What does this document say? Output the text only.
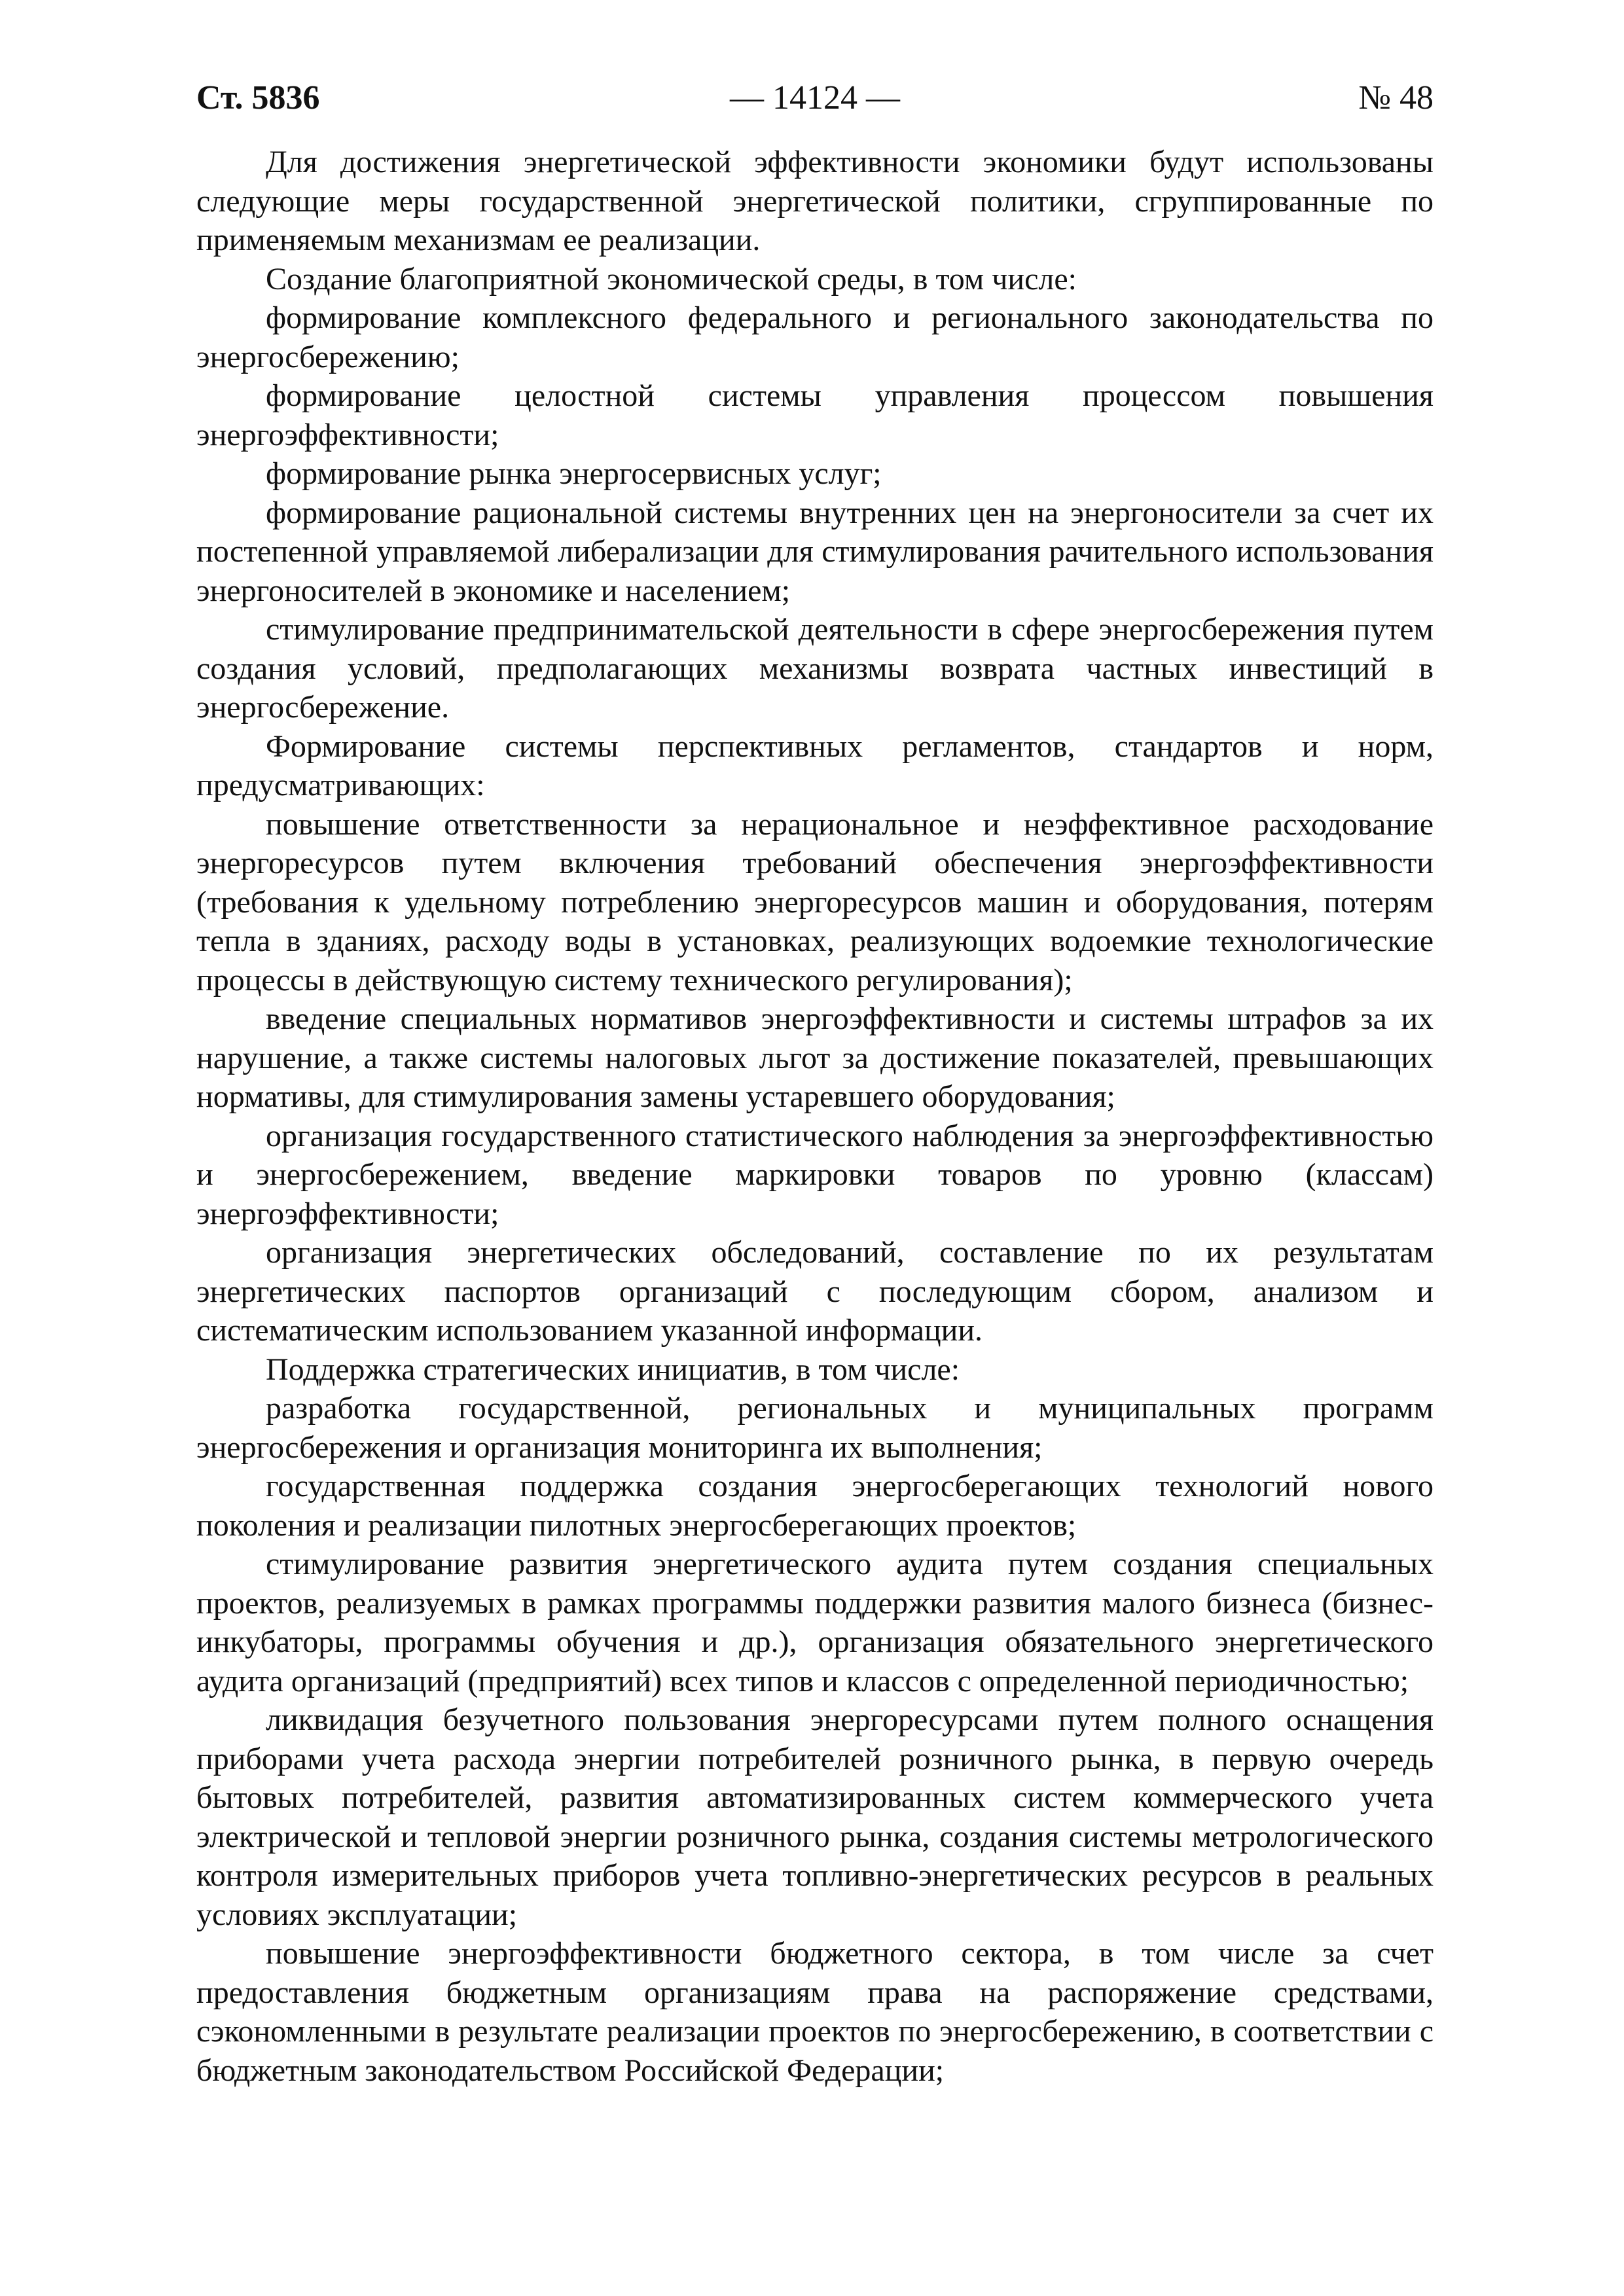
Ст. 5836	— 14124 —	№ 48

Для достижения энергетической эффективности экономики будут использованы следующие меры государственной энергетической политики, сгруппированные по применяемым механизмам ее реализации.

Создание благоприятной экономической среды, в том числе:

формирование комплексного федерального и регионального законодательства по энергосбережению;

формирование целостной системы управления процессом повышения энергоэффективности;

формирование рынка энергосервисных услуг;

формирование рациональной системы внутренних цен на энергоносители за счет их постепенной управляемой либерализации для стимулирования рачительного использования энергоносителей в экономике и населением;

стимулирование предпринимательской деятельности в сфере энергосбережения путем создания условий, предполагающих механизмы возврата частных инвестиций в энергосбережение.

Формирование системы перспективных регламентов, стандартов и норм, предусматривающих:

повышение ответственности за нерациональное и неэффективное расходование энергоресурсов путем включения требований обеспечения энергоэффективности (требования к удельному потреблению энергоресурсов машин и оборудования, потерям тепла в зданиях, расходу воды в установках, реализующих водоемкие технологические процессы в действующую систему технического регулирования);

введение специальных нормативов энергоэффективности и системы штрафов за их нарушение, а также системы налоговых льгот за достижение показателей, превышающих нормативы, для стимулирования замены устаревшего оборудования;

организация государственного статистического наблюдения за энергоэффективностью и энергосбережением, введение маркировки товаров по уровню (классам) энергоэффективности;

организация энергетических обследований, составление по их результатам энергетических паспортов организаций с последующим сбором, анализом и систематическим использованием указанной информации.

Поддержка стратегических инициатив, в том числе:

разработка государственной, региональных и муниципальных программ энергосбережения и организация мониторинга их выполнения;

государственная поддержка создания энергосберегающих технологий нового поколения и реализации пилотных энергосберегающих проектов;

стимулирование развития энергетического аудита путем создания специальных проектов, реализуемых в рамках программы поддержки развития малого бизнеса (бизнес-инкубаторы, программы обучения и др.), организация обязательного энергетического аудита организаций (предприятий) всех типов и классов с определенной периодичностью;

ликвидация безучетного пользования энергоресурсами путем полного оснащения приборами учета расхода энергии потребителей розничного рынка, в первую очередь бытовых потребителей, развития автоматизированных систем коммерческого учета электрической и тепловой энергии розничного рынка, создания системы метрологического контроля измерительных приборов учета топливно-энергетических ресурсов в реальных условиях эксплуатации;

повышение энергоэффективности бюджетного сектора, в том числе за счет предоставления бюджетным организациям права на распоряжение средствами, сэкономленными в результате реализации проектов по энергосбережению, в соответствии с бюджетным законодательством Российской Федерации;
